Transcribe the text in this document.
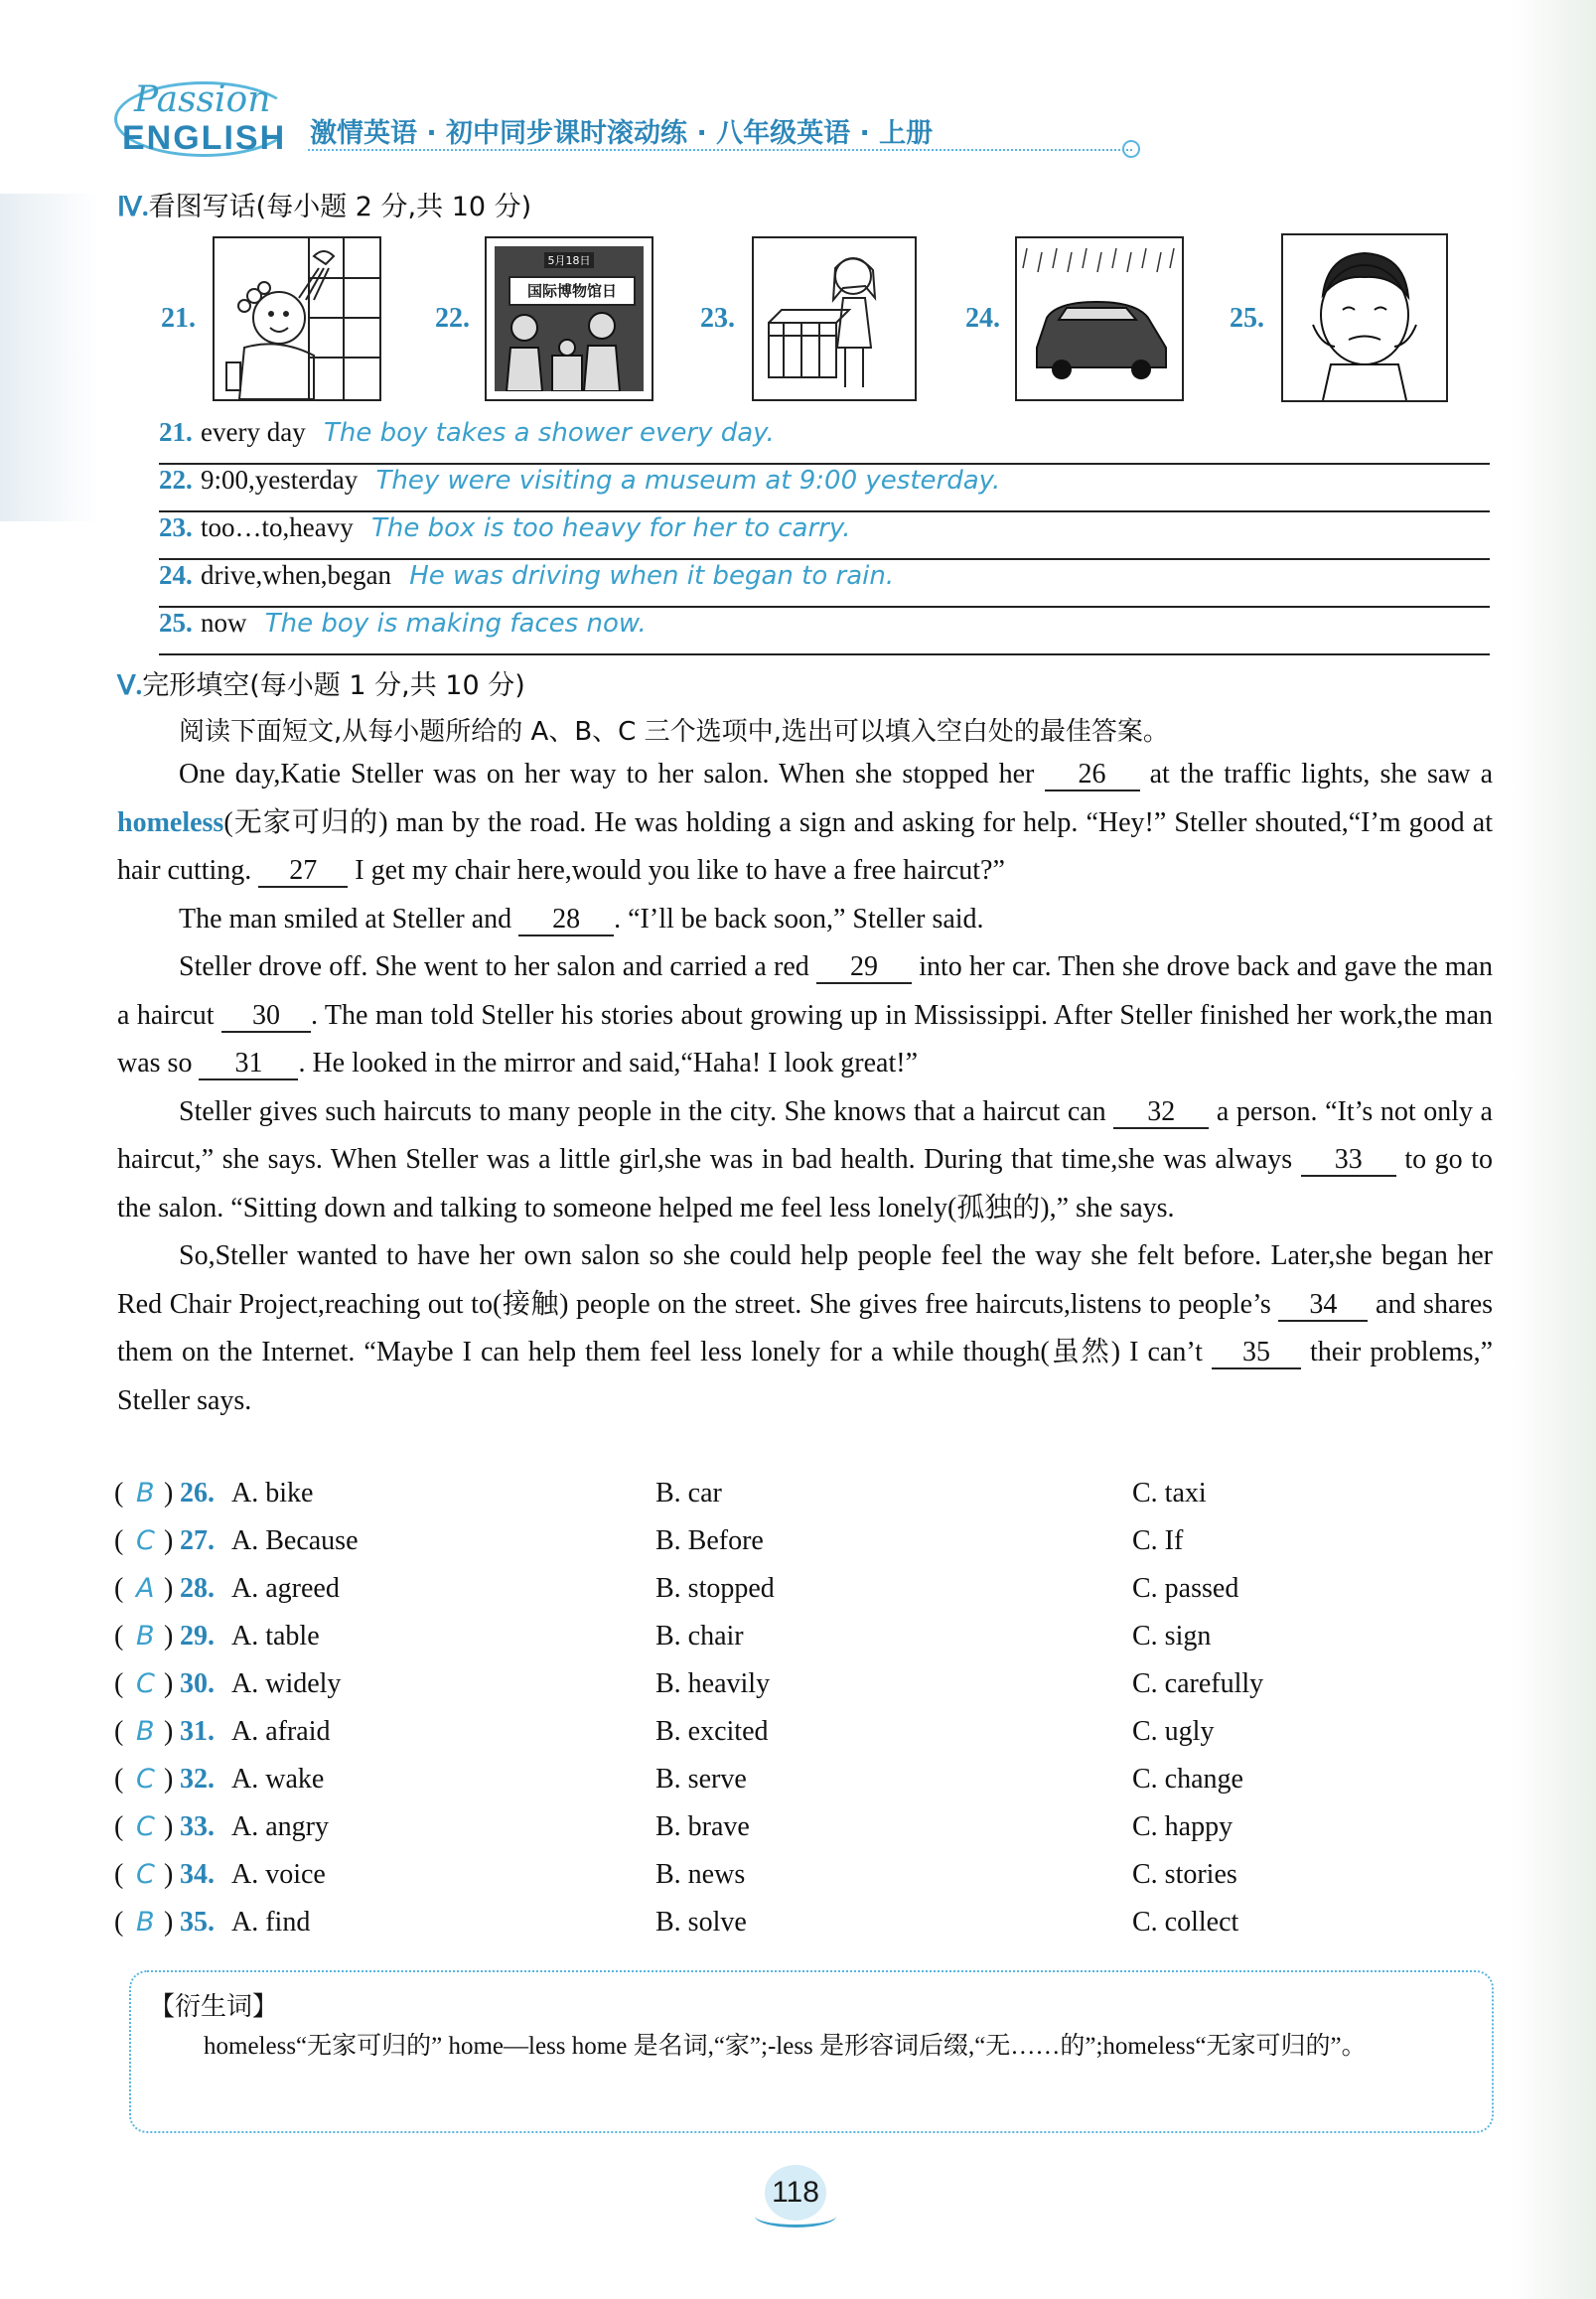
Passion
ENGLISH 激情英语 · 初中同步课时滚动练 · 八年级英语 · 上册
Ⅳ.看图写话(每小题 2 分,共 10 分)
21.	22.
5月18日
国际博物馆日
23.	24.	25.
21. every day The boy takes a shower every day.
22. 9:00,yesterday They were visiting a museum at 9:00 yesterday.
23. too…to,heavy The box is too heavy for her to carry.
24. drive,when,began He was driving when it began to rain.
25. now The boy is making faces now.
Ⅴ.完形填空(每小题 1 分,共 10 分)
阅读下面短文,从每小题所给的 A、B、C 三个选项中,选出可以填入空白处的最佳答案。

One day,Katie Steller was on her way to her salon. When she stopped her 26 at the traffic lights, she saw a homeless(无家可归的) man by the road. He was holding a sign and asking for help. “Hey!” Steller shouted,“I’m good at hair cutting. 27 I get my chair here,would you like to have a free haircut?”

The man smiled at Steller and 28 . “I’ll be back soon,” Steller said.

Steller drove off. She went to her salon and carried a red 29 into her car. Then she drove back and gave the man a haircut 30 . The man told Steller his stories about growing up in Mississippi. After Steller finished her work,the man was so 31 . He looked in the mirror and said,“Haha! I look great!”

Steller gives such haircuts to many people in the city. She knows that a haircut can 32 a person. “It’s not only a haircut,” she says. When Steller was a little girl,she was in bad health. During that time,she was always 33 to go to the salon. “Sitting down and talking to someone helped me feel less lonely(孤独的),” she says.

So,Steller wanted to have her own salon so she could help people feel the way she felt before. Later,she began her Red Chair Project,reaching out to(接触) people on the street. She gives free haircuts,listens to people’s 34 and shares them on the Internet. “Maybe I can help them feel less lonely for a while though(虽然) I can’t 35 their problems,” Steller says.

( B ) 26. A. bike	B. car	C. taxi
( C ) 27. A. Because	B. Before	C. If
( A ) 28. A. agreed	B. stopped	C. passed
( B ) 29. A. table	B. chair	C. sign
( C ) 30. A. widely	B. heavily	C. carefully
( B ) 31. A. afraid	B. excited	C. ugly
( C ) 32. A. wake	B. serve	C. change
( C ) 33. A. angry	B. brave	C. happy
( C ) 34. A. voice	B. news	C. stories
( B ) 35. A. find	B. solve	C. collect
【衍生词】
homeless“无家可归的” home—less home 是名词,“家”;-less 是形容词后缀,“无……的”;homeless“无家可归的”。
118
